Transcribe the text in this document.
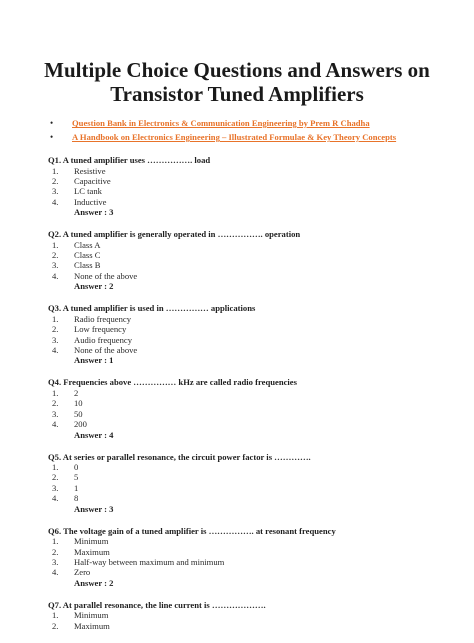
Multiple Choice Questions and Answers on
Transistor Tuned Amplifiers
• Question Bank in Electronics & Communication Engineering by Prem R Chadha
• A Handbook on Electronics Engineering – Illustrated Formulae & Key Theory Concepts
Q1. A tuned amplifier uses ……………. load
1. Resistive
2. Capacitive
3. LC tank
4. Inductive
Answer : 3
Q2. A tuned amplifier is generally operated in ……………. operation
1. Class A
2. Class C
3. Class B
4. None of the above
Answer : 2
Q3. A tuned amplifier is used in …………… applications
1. Radio frequency
2. Low frequency
3. Audio frequency
4. None of the above
Answer : 1
Q4. Frequencies above …………… kHz are called radio frequencies
1. 2
2. 10
3. 50
4. 200
Answer : 4
Q5. At series or parallel resonance, the circuit power factor is ………….
1. 0
2. 5
3. 1
4. 8
Answer : 3
Q6. The voltage gain of a tuned amplifier is ……………. at resonant frequency
1. Minimum
2. Maximum
3. Half-way between maximum and minimum
4. Zero
Answer : 2
Q7. At parallel resonance, the line current is ……………….
1. Minimum
2. Maximum
